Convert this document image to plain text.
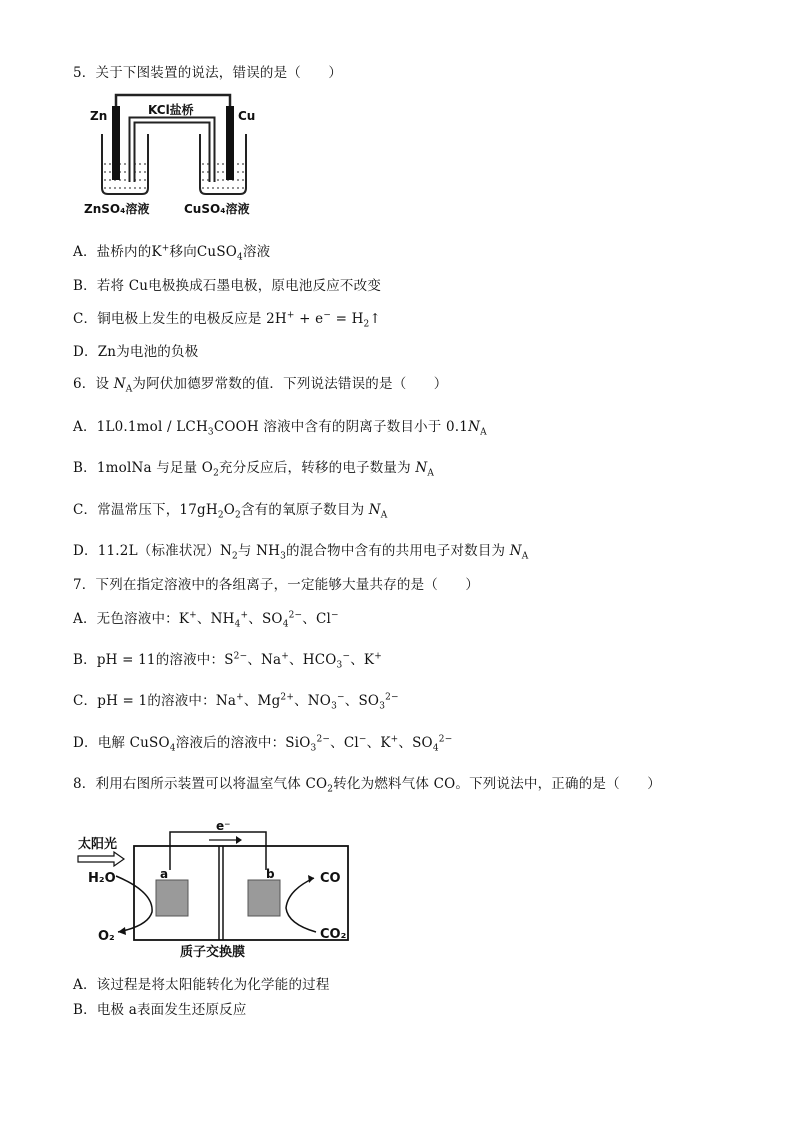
5．关于下图装置的说法，错误的是（　　）
Zn	Cu
KCl盐桥
ZnSO₄溶液	CuSO₄溶液
A．盐桥内的K+移向CuSO$_4$溶液
B．若将 Cu电极换成石墨电极，原电池反应不改变
C．铜电极上发生的电极反应是 $2H^+ + e^- = H_2↑$
D．Zn为电池的负极
6．设 $N_A$为阿伏加德罗常数的值．下列说法错误的是（　　）
A．$1L0.1mol / LCH_3COOH$ 溶液中含有的阴离子数目小于 $0.1N_A$
B．1molNa 与足量 $O_2$充分反应后，转移的电子数量为 $N_A$
C．常温常压下，$17gH_2O_2$含有的氧原子数目为 $N_A$
D．11.2L（标准状况）$N_2$与 $NH_3$的混合物中含有的共用电子对数目为 $N_A$
7．下列在指定溶液中的各组离子，一定能够大量共存的是（　　）
A．无色溶液中：K+、$NH_4^+$、$SO_4^{2-}$、Cl−
B．pH = 11的溶液中：$S^{2-}$、Na+、$HCO_3^-$、K+
C．pH = 1的溶液中：Na+、$Mg^{2+}$、$NO_3^-$、$SO_3^{2-}$
D．电解 CuSO$_4$溶液后的溶液中：SiO$_3^{2-}$、Cl−、K+、$SO_4^{2-}$
8．利用右图所示装置可以将温室气体 $CO_2$转化为燃料气体 CO。下列说法中，正确的是（　　）
e⁻
a	b
太阳光
H₂O
O₂
CO
CO₂
质子交换膜
A．该过程是将太阳能转化为化学能的过程
B．电极 a表面发生还原反应
